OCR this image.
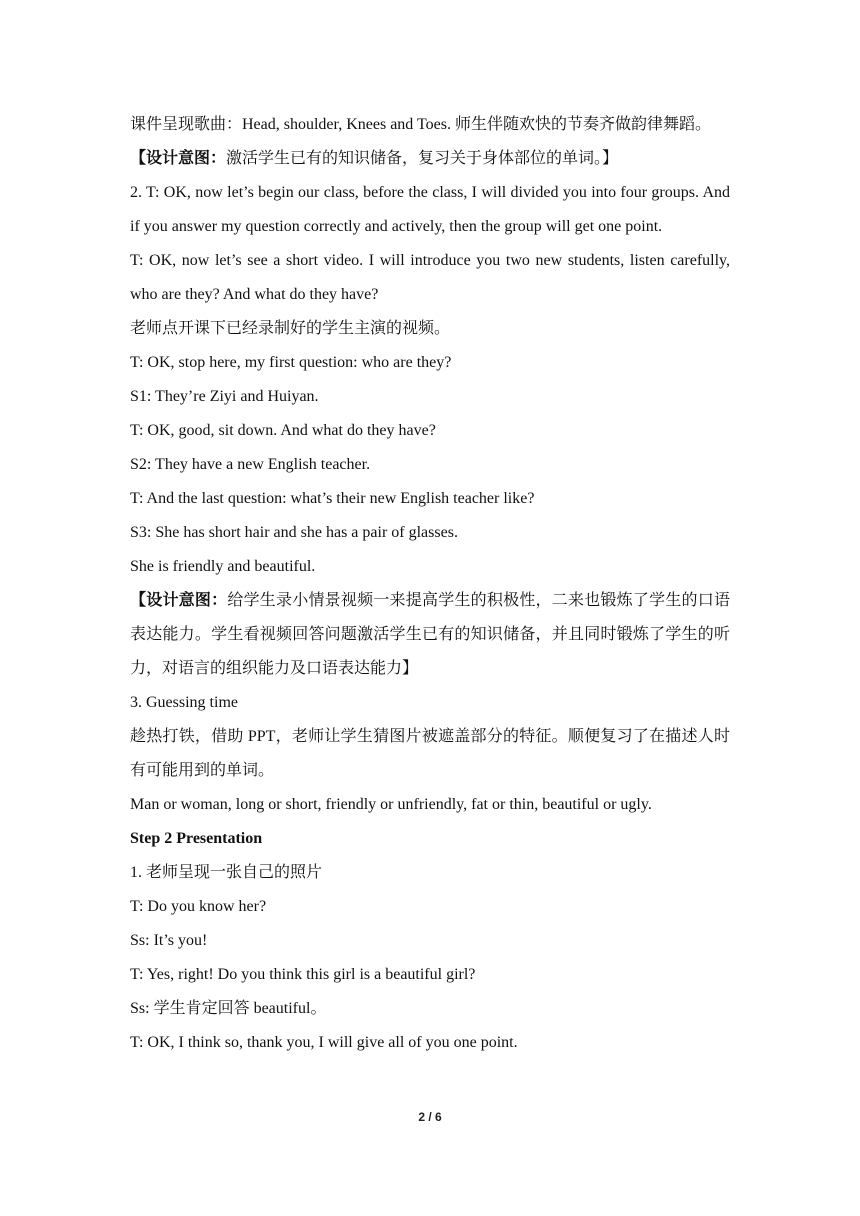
课件呈现歌曲：Head, shoulder, Knees and Toes. 师生伴随欢快的节奏齐做韵律舞蹈。

【设计意图：激活学生已有的知识储备，复习关于身体部位的单词。】

2. T: OK, now let’s begin our class, before the class, I will divided you into four groups. And if you answer my question correctly and actively, then the group will get one point.

T: OK, now let’s see a short video. I will introduce you two new students, listen carefully, who are they? And what do they have?

老师点开课下已经录制好的学生主演的视频。

T: OK, stop here, my first question: who are they?

S1: They’re Ziyi and Huiyan.

T: OK, good, sit down. And what do they have?

S2: They have a new English teacher.

T: And the last question: what’s their new English teacher like?

S3: She has short hair and she has a pair of glasses.

She is friendly and beautiful.

【设计意图：给学生录小情景视频一来提高学生的积极性，二来也锻炼了学生的口语表达能力。学生看视频回答问题激活学生已有的知识储备，并且同时锻炼了学生的听力，对语言的组织能力及口语表达能力】

3. Guessing time

趁热打铁，借助 PPT，老师让学生猜图片被遮盖部分的特征。顺便复习了在描述人时有可能用到的单词。

Man or woman, long or short, friendly or unfriendly, fat or thin, beautiful or ugly.

Step 2 Presentation

1. 老师呈现一张自己的照片

T: Do you know her?

Ss: It’s you!

T: Yes, right! Do you think this girl is a beautiful girl?

Ss: 学生肯定回答 beautiful。

T: OK, I think so, thank you, I will give all of you one point.

2 / 6
